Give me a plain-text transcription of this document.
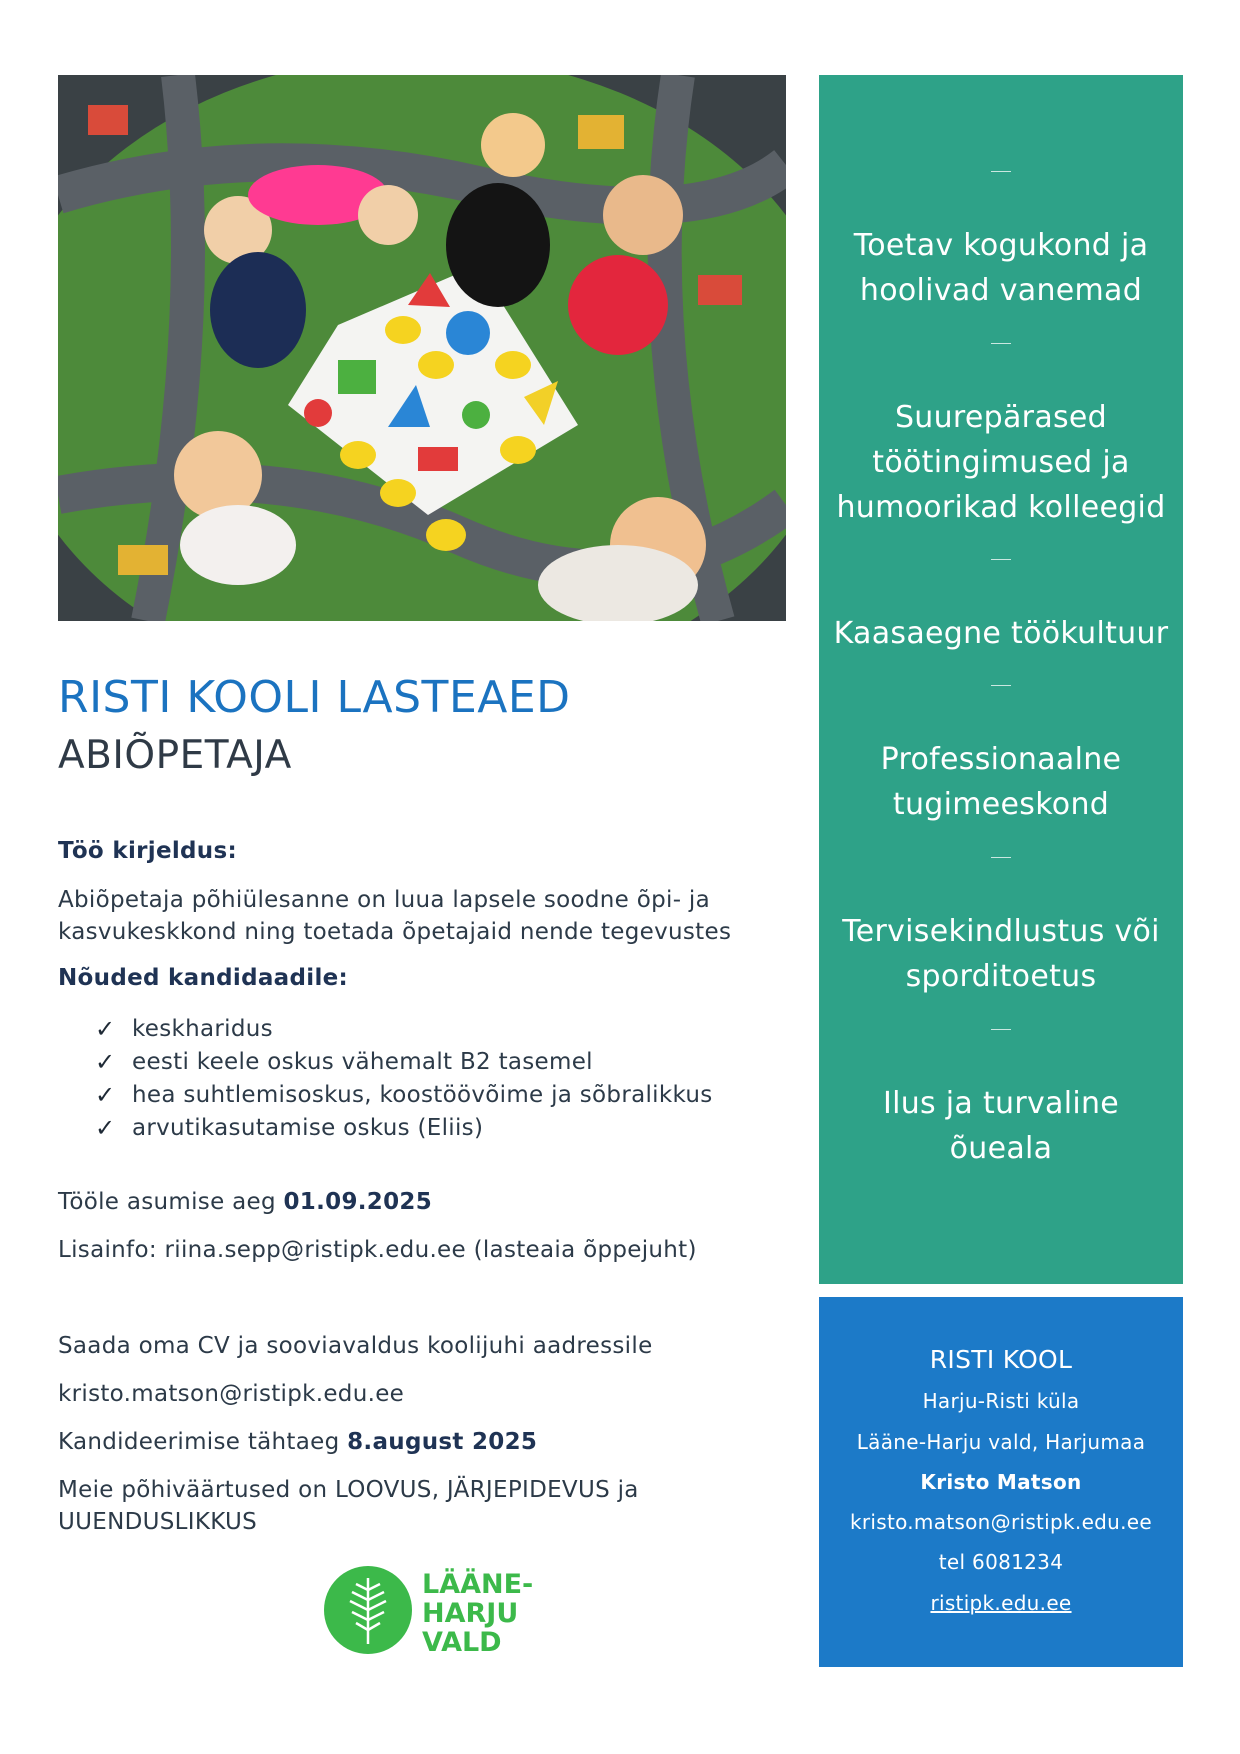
RISTI KOOLI LASTEAED
ABIÕPETAJA
Töö kirjeldus:
Abiõpetaja põhiülesanne on luua lapsele soodne õpi- ja kasvukeskkond ning toetada õpetajaid nende tegevustes
Nõuded kandidaadile:
✓ keskharidus
✓ eesti keele oskus vähemalt B2 tasemel
✓ hea suhtlemisoskus, koostöövõime ja sõbralikkus
✓ arvutikasutamise oskus (Eliis)
Tööle asumise aeg 01.09.2025
Lisainfo: riina.sepp@ristipk.edu.ee (lasteaia õppejuht)
Saada oma CV ja sooviavaldus koolijuhi aadressile
kristo.matson@ristipk.edu.ee
Kandideerimise tähtaeg 8.august 2025
Meie põhiväärtused on LOOVUS, JÄRJEPIDEVUS ja UUENDUSLIKKUS
LÄÄNE-
HARJU
VALD
Toetav kogukond ja hoolivad vanemad
Suurepärased töötingimused ja humoorikad kolleegid
Kaasaegne töökultuur
Professionaalne tugimeeskond
Tervisekindlustus või sporditoetus
Ilus ja turvaline õueala
RISTI KOOL
Harju-Risti küla
Lääne-Harju vald, Harjumaa
Kristo Matson
kristo.matson@ristipk.edu.ee
tel 6081234
ristipk.edu.ee
